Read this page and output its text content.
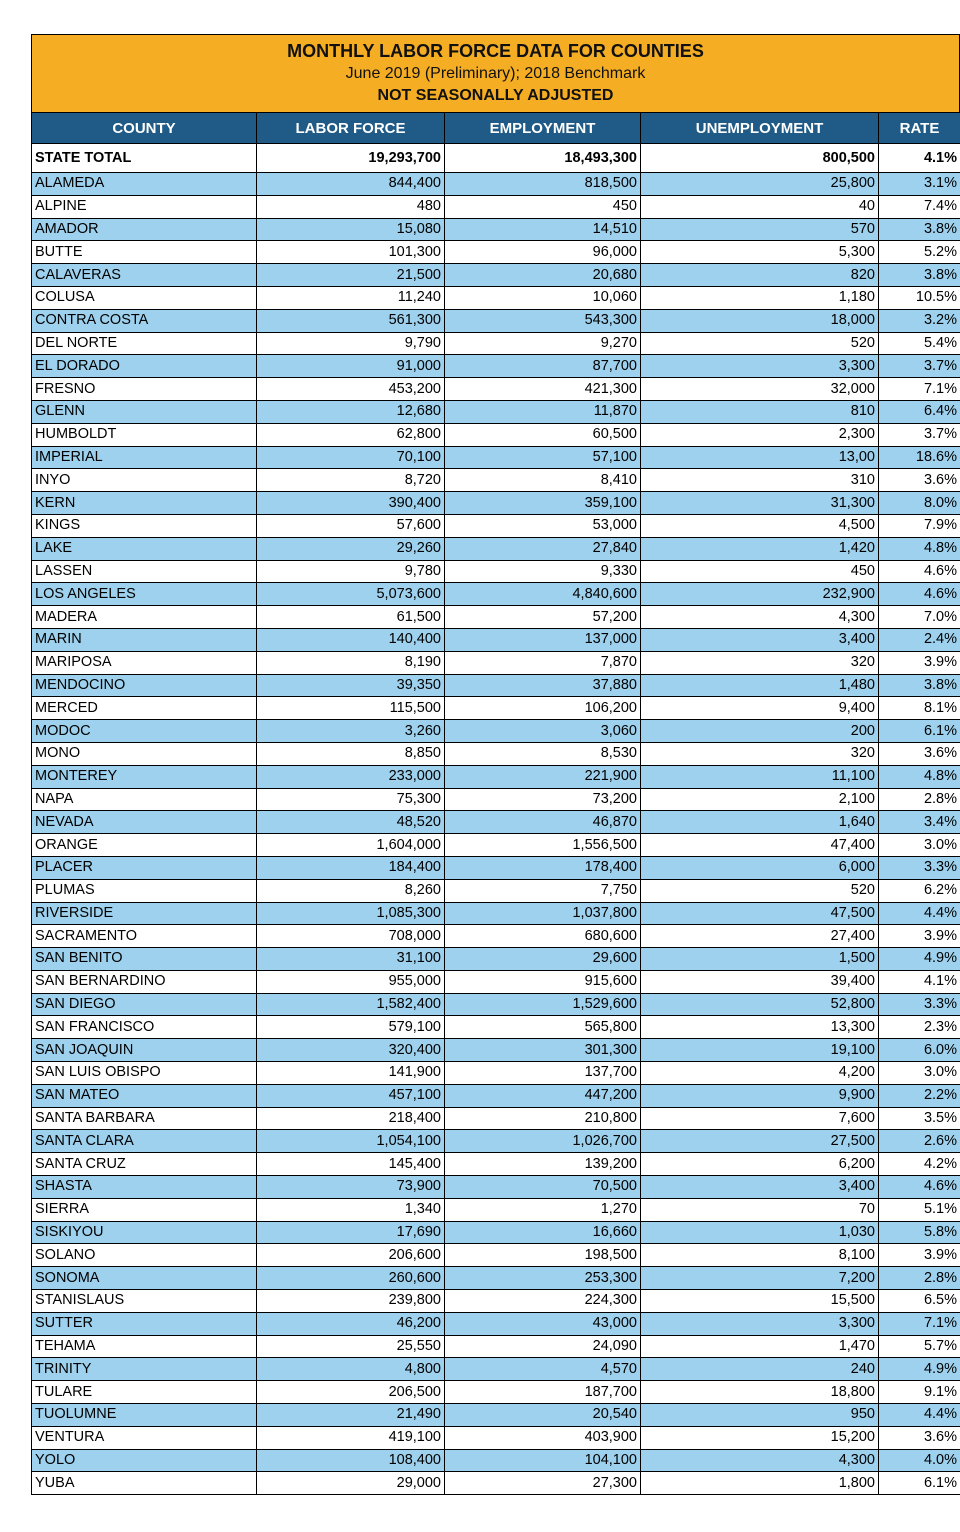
MONTHLY LABOR FORCE DATA FOR COUNTIES
June 2019 (Preliminary); 2018 Benchmark
NOT SEASONALLY ADJUSTED
COUNTY	LABOR FORCE	EMPLOYMENT	UNEMPLOYMENT	RATE
STATE TOTAL	19,293,700	18,493,300	800,500	4.1%
ALAMEDA	844,400	818,500	25,800	3.1%
ALPINE	480	450	40	7.4%
AMADOR	15,080	14,510	570	3.8%
BUTTE	101,300	96,000	5,300	5.2%
CALAVERAS	21,500	20,680	820	3.8%
COLUSA	11,240	10,060	1,180	10.5%
CONTRA COSTA	561,300	543,300	18,000	3.2%
DEL NORTE	9,790	9,270	520	5.4%
EL DORADO	91,000	87,700	3,300	3.7%
FRESNO	453,200	421,300	32,000	7.1%
GLENN	12,680	11,870	810	6.4%
HUMBOLDT	62,800	60,500	2,300	3.7%
IMPERIAL	70,100	57,100	13,00	18.6%
INYO	8,720	8,410	310	3.6%
KERN	390,400	359,100	31,300	8.0%
KINGS	57,600	53,000	4,500	7.9%
LAKE	29,260	27,840	1,420	4.8%
LASSEN	9,780	9,330	450	4.6%
LOS ANGELES	5,073,600	4,840,600	232,900	4.6%
MADERA	61,500	57,200	4,300	7.0%
MARIN	140,400	137,000	3,400	2.4%
MARIPOSA	8,190	7,870	320	3.9%
MENDOCINO	39,350	37,880	1,480	3.8%
MERCED	115,500	106,200	9,400	8.1%
MODOC	3,260	3,060	200	6.1%
MONO	8,850	8,530	320	3.6%
MONTEREY	233,000	221,900	11,100	4.8%
NAPA	75,300	73,200	2,100	2.8%
NEVADA	48,520	46,870	1,640	3.4%
ORANGE	1,604,000	1,556,500	47,400	3.0%
PLACER	184,400	178,400	6,000	3.3%
PLUMAS	8,260	7,750	520	6.2%
RIVERSIDE	1,085,300	1,037,800	47,500	4.4%
SACRAMENTO	708,000	680,600	27,400	3.9%
SAN BENITO	31,100	29,600	1,500	4.9%
SAN BERNARDINO	955,000	915,600	39,400	4.1%
SAN DIEGO	1,582,400	1,529,600	52,800	3.3%
SAN FRANCISCO	579,100	565,800	13,300	2.3%
SAN JOAQUIN	320,400	301,300	19,100	6.0%
SAN LUIS OBISPO	141,900	137,700	4,200	3.0%
SAN MATEO	457,100	447,200	9,900	2.2%
SANTA BARBARA	218,400	210,800	7,600	3.5%
SANTA CLARA	1,054,100	1,026,700	27,500	2.6%
SANTA CRUZ	145,400	139,200	6,200	4.2%
SHASTA	73,900	70,500	3,400	4.6%
SIERRA	1,340	1,270	70	5.1%
SISKIYOU	17,690	16,660	1,030	5.8%
SOLANO	206,600	198,500	8,100	3.9%
SONOMA	260,600	253,300	7,200	2.8%
STANISLAUS	239,800	224,300	15,500	6.5%
SUTTER	46,200	43,000	3,300	7.1%
TEHAMA	25,550	24,090	1,470	5.7%
TRINITY	4,800	4,570	240	4.9%
TULARE	206,500	187,700	18,800	9.1%
TUOLUMNE	21,490	20,540	950	4.4%
VENTURA	419,100	403,900	15,200	3.6%
YOLO	108,400	104,100	4,300	4.0%
YUBA	29,000	27,300	1,800	6.1%
